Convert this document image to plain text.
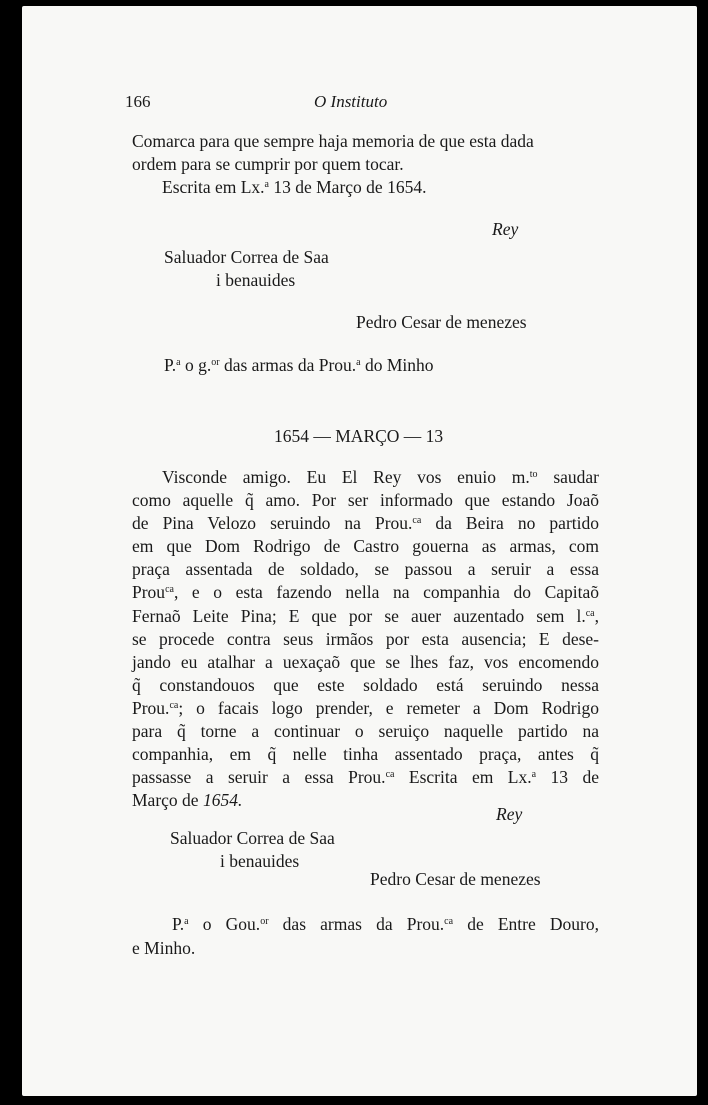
166	O Instituto
Comarca para que sempre haja memoria de que esta dada
ordem para se cumprir por quem tocar.
Escrita em Lx.$^a$ 13 de Março de 1654.
Rey
Saluador Correa de Saa
i benauides
Pedro Cesar de menezes
P.$^a$ o g.$^{or}$ das armas da Prou.$^a$ do Minho
1654 — MARÇO — 13
Visconde amigo. Eu El Rey vos enuio m.$^{to}$ saudar
como aquelle q̃ amo. Por ser informado que estando Joaõ
de Pina Velozo seruindo na Prou.$^{ca}$ da Beira no partido
em que Dom Rodrigo de Castro gouerna as armas, com
praça assentada de soldado, se passou a seruir a essa
Prou$^{ca}$, e o esta fazendo nella na companhia do Capitaõ
Fernaõ Leite Pina; E que por se auer auzentado sem l.$^{ca}$,
se procede contra seus irmãos por esta ausencia; E dese-
jando eu atalhar a uexaçaõ que se lhes faz, vos encomendo
q̃ constandouos que este soldado está seruindo nessa
Prou.$^{ca}$; o facais logo prender, e remeter a Dom Rodrigo
para q̃ torne a continuar o seruiço naquelle partido na
companhia, em q̃ nelle tinha assentado praça, antes q̃
passasse a seruir a essa Prou.$^{ca}$ Escrita em Lx.$^a$ 13 de
Março de 1654.
Rey
Saluador Correa de Saa
i benauides
Pedro Cesar de menezes
P.$^a$ o Gou.$^{or}$ das armas da Prou.$^{ca}$ de Entre Douro,
e Minho.
